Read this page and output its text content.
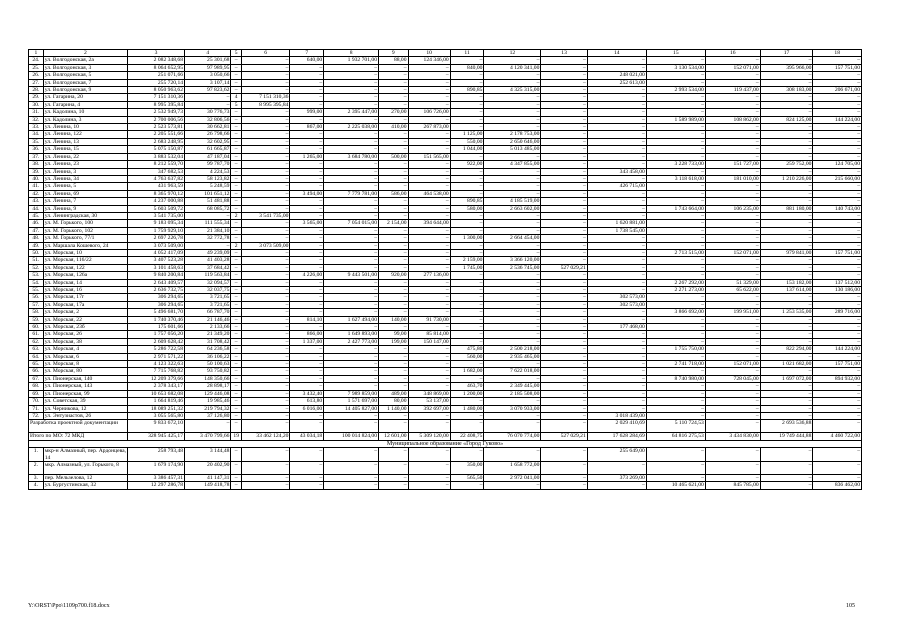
1	2	3	4	5	6	7	8	9	10	11	12	13	14	15	16	17	18
24.	ул. Волгодонская, 2а	2 082 348,68	25 301,68	–	–	640,00	1 932 701,00	88,00	124 346,00	–	–	–	–	–	–	–	–
25.	ул. Волгодонская, 3	8 064 652,95	97 989,95	–	–	–	–	–	–	840,00	4 120 341,00	–	–	3 130 534,00	152 071,00	395 966,00	157 751,00
26.	ул. Волгодонская, 5	251 071,66	3 050,66	–	–	–	–	–	–	–	–	–	248 021,00	–	–	–	–
27.	ул. Волгодонская, 7	255 720,14	3 107,14	–	–	–	–	–	–	–	–	–	252 613,00	–	–	–	–
28.	ул. Волгодонская, 9	8 050 963,62	97 823,62	–	–	–	–	–	–	890,85	4 325 315,00	–	–	2 993 534,00	119 437,00	308 183,00	206 671,00
29.	ул. Гагарина, 20	7 151 310,36	–	4	7 151 310,36	–	–	–	–	–	–	–	–	–	–	–	–
30.	ул. Гагарина, 4	8 995 395,84	–	5	8 995 395,84	–	–	–	–	–	–	–	–	–	–	–	–
31.	ул. Кадолина, 10	2 532 949,73	30 776,73	–	–	999,00	2 395 447,00	270,00	106 726,00	–	–	–	–	–	–	–	–
32.	ул. Кадолина, 3	2 700 006,56	32 806,56	–	–	–	–	–	–	–	–	–	–	1 589 989,00	108 862,00	824 125,00	144 224,00
33.	ул. Ленина, 10	2 523 573,81	30 662,81	–	–	867,00	2 225 038,00	410,00	267 873,00	–	–	–	–	–	–	–	–
34.	ул. Ленина, 122	2 205 551,66	26 798,66	–	–	–	–	–	–	1 125,00	2 178 753,00	–	–	–	–	–	–
35.	ул. Ленина, 13	2 683 248,95	32 602,95	–	–	–	–	–	–	550,00	2 650 646,00	–	–	–	–	–	–
36.	ул. Ленина, 15	5 075 150,87	61 665,87	–	–	–	–	–	–	1 044,00	5 013 485,00	–	–	–	–	–	–
37.	ул. Ленина, 22	3 883 532,04	47 187,04	–	–	1 265,00	3 684 780,00	500,00	151 565,00	–	–	–	–	–	–	–	–
38.	ул. Ленина, 23	8 212 559,70	99 787,70	–	–	–	–	–	–	922,00	4 347 855,00	–	–	3 228 733,00	151 727,00	259 752,00	124 705,00
39.	ул. Ленина, 3	347 682,53	4 224,53	–	–	–	–	–	–	–	–	–	343 458,00	–	–	–	–
40.	ул. Ленина, 34	4 763 637,82	58 123,82	–	–	–	–	–	–	–	–	–	–	3 118 618,00	181 010,00	1 210 226,00	215 660,00
41.	ул. Ленина, 5	431 963,59	5 248,59	–	–	–	–	–	–	–	–	–	426 715,00	–	–	–	–
42.	ул. Ленина, 69	8 365 970,12	101 651,12	–	–	3 494,00	7 779 781,00	586,00	464 538,00	–	–	–	–	–	–	–	–
43.	ул. Ленина, 7	4 237 000,88	51 481,88	–	–	–	–	–	–	890,85	4 185 519,00	–	–	–	–	–	–
44.	ул. Ленина, 9	5 603 509,72	68 085,72	–	–	–	–	–	–	580,00	2 663 602,00	–	–	1 743 664,00	106 235,00	881 180,00	140 743,00
45.	ул. Ленинградская, 30	3 541 735,00	–	2	3 541 735,00	–	–	–	–	–	–	–	–	–	–	–	–
46.	ул. М. Горького, 100	9 183 095,34	111 555,34	–	–	3 565,00	7 054 015,00	2 154,00	394 644,00	–	–	–	1 620 881,00	–	–	–	–
47.	ул. М. Горького, 102	1 759 929,10	21 384,10	–	–	–	–	–	–	–	–	–	1 738 545,00	–	–	–	–
48.	ул. М. Горького, 77/1	2 697 226,78	32 772,78	–	–	–	–	–	–	1 300,00	2 664 454,00	–	–	–	–	–	–
49.	ул. Маршала Кошевого, 24	3 073 509,00	–	2	3 073 509,00	–	–	–	–	–	–	–	–	–	–	–	–
50.	ул. Морская, 10	4 052 417,09	49 239,09	–	–	–	–	–	–	–	–	–	–	2 713 515,00	152 071,00	979 841,00	157 751,00
51.	ул. Морская, 116/22	3 407 523,28	41 403,28	–	–	–	–	–	–	2 159,00	3 366 120,00	–	–	–	–	–	–
52.	ул. Морская, 122	3 101 458,63	37 684,42	–	–	–	–	–	–	1 745,00	2 536 745,00	527 029,21	–	–	–	–	–
53.	ул. Морская, 126а	9 840 200,84	119 563,84	–	–	4 226,00	9 443 501,00	920,00	277 136,00	–	–	–	–	–	–	–	–
54.	ул. Морская, 14	2 643 409,57	32 094,57	–	–	–	–	–	–	–	–	–	–	2 267 292,00	51 329,00	153 182,00	137 512,00
55.	ул. Морская, 16	2 636 732,75	32 037,75	–	–	–	–	–	–	–	–	–	–	2 271 273,00	65 622,00	137 614,00	130 186,00
56.	ул. Морская, 17г	306 294,65	3 721,65	–	–	–	–	–	–	–	–	–	302 573,00	–	–	–	–
57.	ул. Морская, 17а	306 294,65	3 721,65	–	–	–	–	–	–	–	–	–	302 573,00	–	–	–	–
58.	ул. Морская, 2	5 496 681,70	66 787,70	–	–	–	–	–	–	–	–	–	–	3 866 692,00	199 951,00	1 253 535,00	289 716,00
59.	ул. Морская, 22	1 740 370,46	21 146,46	–	–	814,10	1 627 494,00	140,00	91 730,00	–	–	–	–	–	–	–	–
60.	ул. Морская, 23б	175 601,66	2 133,66	–	–	–	–	–	–	–	–	–	177 468,00	–	–	–	–
61.	ул. Морская, 26	1 757 056,20	21 349,20	–	–	866,00	1 649 893,00	99,00	85 814,00	–	–	–	–	–	–	–	–
62.	ул. Морская, 38	2 609 628,42	31 708,42	–	–	1 337,00	2 427 773,00	199,00	150 147,00	–	–	–	–	–	–	–	–
63.	ул. Морская, 4	5 286 722,58	64 236,58	–	–	–	–	–	–	475,80	2 500 218,00	–	–	1 755 750,00	–	822 294,00	144 224,00
64.	ул. Морская, 6	2 971 571,22	36 106,22	–	–	–	–	–	–	560,00	2 935 465,00	–	–	–	–	–	–
65.	ул. Морская, 8	4 123 322,63	50 100,63	–	–	–	–	–	–	–	–	–	–	2 741 718,00	152 071,00	1 021 682,00	157 751,00
66.	ул. Морская, 80	7 715 768,82	93 750,82	–	–	–	–	–	–	1 682,00	7 622 018,00	–	–	–	–	–	–
67.	ул. Пионерская, 140	12 209 379,66	148 350,66	–	–	–	–	–	–	–	–	–	–	8 740 980,00	728 045,00	1 697 072,00	894 932,00
68.	ул. Пионерская, 143	2 378 343,17	28 898,17	–	–	–	–	–	–	463,70	2 349 445,00	–	–	–	–	–	–
69.	ул. Пионерская, 99	10 653 682,08	129 446,08	–	–	3 432,40	7 989 859,00	489,00	348 869,00	1 200,00	2 185 508,00	–	–	–	–	–	–
70.	ул. Советская, 39	1 664 819,46	19 985,46	–	–	613,80	1 571 697,00	80,00	53 137,00	–	–	–	–	–	–	–	–
71.	ул. Черникова, 12	18 089 251,32	219 794,32	–	–	6 016,00	14 405 827,00	1 140,00	392 697,00	1 480,00	3 070 933,00	–	–	–	–	–	–
72.	ул. Энтузиастов, 26	3 055 565,80	37 126,80	–	–	–	–	–	–	–	–	–	3 018 439,00	–	–	–	–
Разработка проектной документации		9 833 672,10	–	–	–	–	–	–	–	–	–	–	2 029 410,69	5 110 724,53	–	2 693 536,88	–
Итого по МО: 72 МКД		328 945 425,17	3 470 799,66	19	33 462 124,20	43 034,18	100 014 824,00	12 601,00	5 309 120,00	22 408,75	76 070 774,00	527 029,21	17 628 284,69	64 816 275,53	3 434 830,00	19 749 444,88	4 460 722,00
Муниципальное образование «Город Гуково»																	
1.	мкр-н Алмазный, пер. Ардонцева, 14	258 793,48	3 144,48	–	–	–	–	–	–	–	–	–	255 649,00	–	–	–	–
2.	мкр. Алмазный, ул. Горького, 8	1 679 174,90	20 402,90	–	–	–	–	–	–	350,00	1 658 772,00	–	–	–	–	–	–
3.	пер. Мельзелова, 12	3 386 457,31	41 147,31	–	–	–	–	–	–	565,50	2 972 041,00	–	373 269,00	–	–	–	–
4.	ул. Бургустинская, 32	12 297 286,78	149 418,78	–	–	–	–	–	–	–	–	–	–	10 465 621,00	845 785,00	–	836 462,00
Y:\ORST\Ppo\1109p700.f18.docx	105
